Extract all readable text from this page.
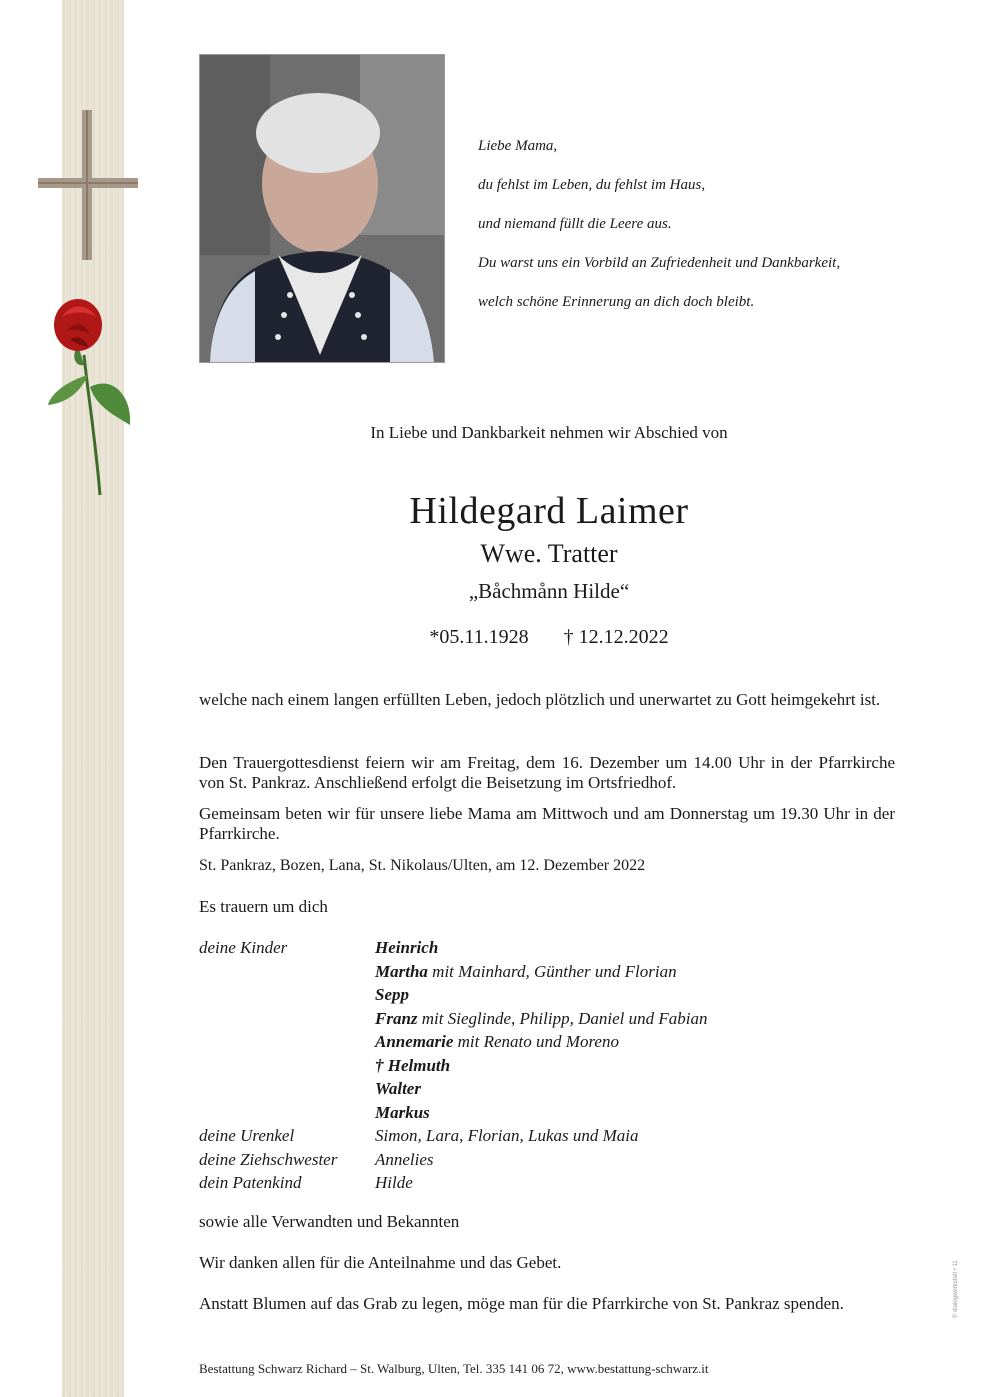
Liebe Mama,
du fehlst im Leben, du fehlst im Haus,
und niemand füllt die Leere aus.
Du warst uns ein Vorbild an Zufriedenheit und Dankbarkeit,
welch schöne Erinnerung an dich doch bleibt.
In Liebe und Dankbarkeit nehmen wir Abschied von
Hildegard Laimer
Wwe. Tratter
„Båchmånn Hilde“
*05.11.1928 † 12.12.2022
welche nach einem langen erfüllten Leben, jedoch plötzlich und unerwartet zu Gott heimgekehrt ist.
Den Trauergottesdienst feiern wir am Freitag, dem 16. Dezember um 14.00 Uhr in der Pfarrkirche von St. Pankraz. Anschließend erfolgt die Beisetzung im Ortsfriedhof.
Gemeinsam beten wir für unsere liebe Mama am Mittwoch und am Donnerstag um 19.30 Uhr in der Pfarrkirche.
St. Pankraz, Bozen, Lana, St. Nikolaus/Ulten, am 12. Dezember 2022
Es trauern um dich
deine Kinder	Heinrich
Martha mit Mainhard, Günther und Florian
Sepp
Franz mit Sieglinde, Philipp, Daniel und Fabian
Annemarie mit Renato und Moreno
† Helmuth
Walter
Markus
deine Urenkel	Simon, Lara, Florian, Lukas und Maia
deine Ziehschwester	Annelies
dein Patenkind	Hilde
sowie alle Verwandten und Bekannten
Wir danken allen für die Anteilnahme und das Gebet.
Anstatt Blumen auf das Grab zu legen, möge man für die Pfarrkirche von St. Pankraz spenden.
Bestattung Schwarz Richard – St. Walburg, Ulten, Tel. 335 141 06 72, www.bestattung-schwarz.it
© dialogwerkstatt • 11
